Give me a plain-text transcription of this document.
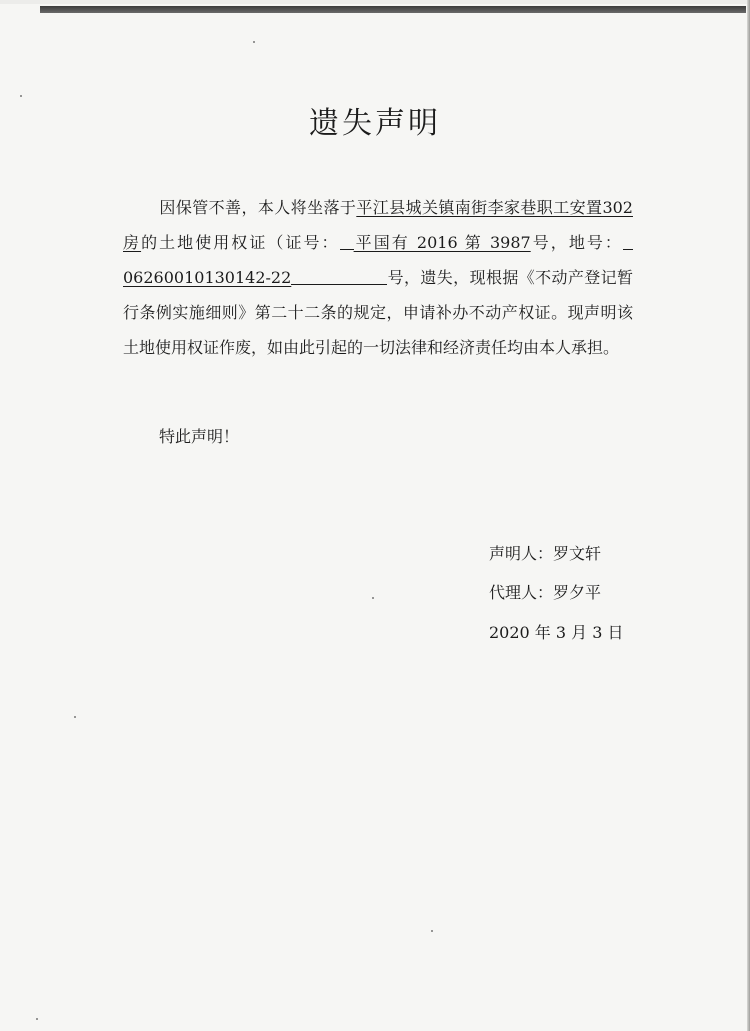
遗失声明
因保管不善，本人将坐落于平江县城关镇南街李家巷职工安置302房的土地使用权证（证号： 平国有 2016 第 3987号，地号：06260010130142-22	号，遗失，现根据《不动产登记暂行条例实施细则》第二十二条的规定，申请补办不动产权证。现声明该土地使用权证作废，如由此引起的一切法律和经济责任均由本人承担。
特此声明！
声明人：罗文轩
代理人：罗夕平
2020 年 3 月 3 日
